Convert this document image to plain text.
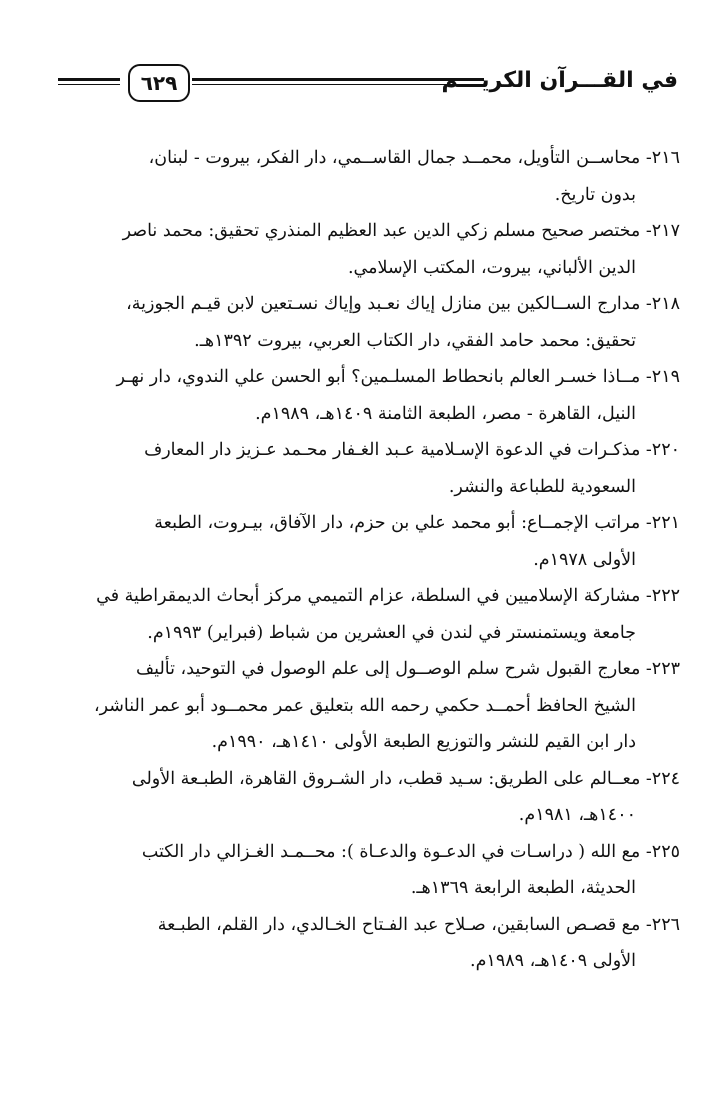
٦٢٩	في القـــرآن الكريـــم
٢١٦- محاســن التأويل، محمــد جمال القاســمي، دار الفكر، بيروت - لبنان،
بدون تاريخ.
٢١٧- مختصر صحيح مسلم زكي الدين عبد العظيم المنذري تحقيق: محمد ناصر
الدين الألباني، بيروت، المكتب الإسلامي.
٢١٨- مدارج الســالكين بين منازل إياك نعـبد وإياك نسـتعين لابن قيـم الجوزية،
تحقيق: محمد حامد الفقي، دار الكتاب العربي، بيروت ١٣٩٢هـ.
٢١٩- مــاذا خسـر العالم بانحطاط المسلـمين؟ أبو الحسن علي الندوي، دار نهـر
النيل، القاهرة - مصر، الطبعة الثامنة ١٤٠٩هـ، ١٩٨٩م.
٢٢٠- مذكـرات في الدعوة الإسـلامية عـبد الغـفار محـمد عـزيز دار المعارف
السعودية للطباعة والنشر.
٢٢١- مراتب الإجمــاع: أبو محمد علي بن حزم، دار الآفاق، بيـروت، الطبعة
الأولى ١٩٧٨م.
٢٢٢- مشاركة الإسلاميين في السلطة، عزام التميمي مركز أبحاث الديمقراطية في
جامعة ويستمنستر في لندن في العشرين من شباط (فبراير) ١٩٩٣م.
٢٢٣- معارج القبول شرح سلم الوصــول إلى علم الوصول في التوحيد، تأليف
الشيخ الحافظ أحمــد حكمي رحمه الله بتعليق عمر محمــود أبو عمر الناشر،
دار ابن القيم للنشر والتوزيع الطبعة الأولى ١٤١٠هـ، ١٩٩٠م.
٢٢٤- معــالم على الطريق: سـيد قطب، دار الشـروق القاهرة، الطبـعة الأولى
١٤٠٠هـ، ١٩٨١م.
٢٢٥- مع الله ( دراسـات في الدعـوة والدعـاة ): محــمـد الغـزالي دار الكتب
الحديثة، الطبعة الرابعة ١٣٦٩هـ.
٢٢٦- مع قصـص السابقين، صـلاح عبد الفـتاح الخـالدي، دار القلم، الطبـعة
الأولى ١٤٠٩هـ، ١٩٨٩م.
